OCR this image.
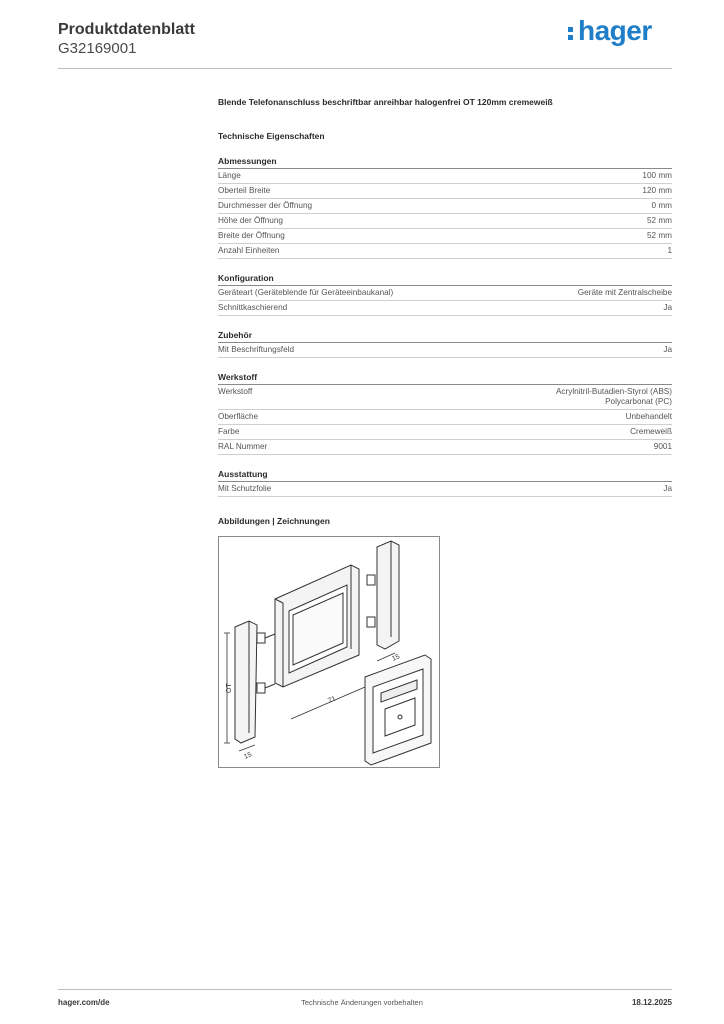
Produktdatenblatt
G32169001
hager
Blende Telefonanschluss beschriftbar anreihbar halogenfrei OT 120mm cremeweiß
Technische Eigenschaften
Abmessungen
Länge	100 mm
Oberteil Breite	120 mm
Durchmesser der Öffnung	0 mm
Höhe der Öffnung	52 mm
Breite der Öffnung	52 mm
Anzahl Einheiten	1
Konfiguration
Geräteart (Geräteblende für Geräteeinbaukanal)	Geräte mit Zentralscheibe
Schnittkaschierend	Ja
Zubehör
Mit Beschriftungsfeld	Ja
Werkstoff
Werkstoff	Acrylnitril-Butadien-Styrol (ABS)
Polycarbonat (PC)
Oberfläche	Unbehandelt
Farbe	Cremeweiß
RAL Nummer	9001
Ausstattung
Mit Schutzfolie	Ja
Abbildungen | Zeichnungen
OT
71
15
15
hager.com/de	Technische Änderungen vorbehalten	18.12.2025
